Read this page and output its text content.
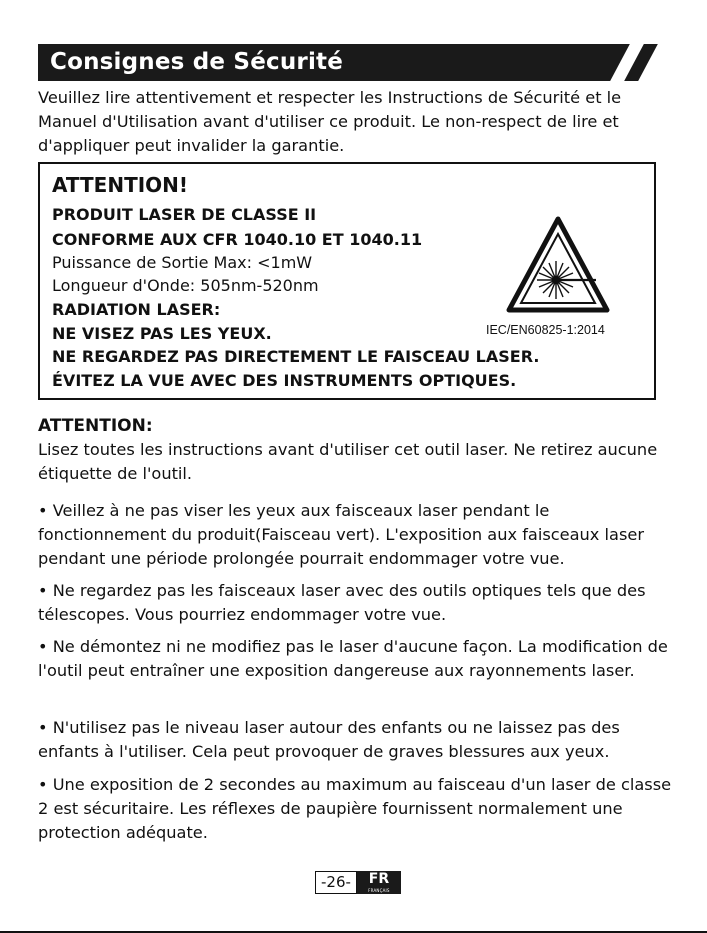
Consignes de Sécurité

Veuillez lire attentivement et respecter les Instructions de Sécurité et le Manuel d'Utilisation avant d'utiliser ce produit. Le non-respect de lire et d'appliquer peut invalider la garantie.

ATTENTION!

PRODUIT LASER DE CLASSE II

CONFORME AUX CFR 1040.10 ET 1040.11

Puissance de Sortie Max: <1mW

Longueur d'Onde: 505nm-520nm

RADIATION LASER:

NE VISEZ PAS LES YEUX.

NE REGARDEZ PAS DIRECTEMENT LE FAISCEAU LASER.

ÉVITEZ LA VUE AVEC DES INSTRUMENTS OPTIQUES.

IEC/EN60825-1:2014
ATTENTION:

Lisez toutes les instructions avant d'utiliser cet outil laser. Ne retirez aucune étiquette de l'outil.

• Veillez à ne pas viser les yeux aux faisceaux laser pendant le fonctionnement du produit(Faisceau vert). L'exposition aux faisceaux laser pendant une période prolongée pourrait endommager votre vue.

• Ne regardez pas les faisceaux laser avec des outils optiques tels que des télescopes. Vous pourriez endommager votre vue.

• Ne démontez ni ne modifiez pas le laser d'aucune façon. La modification de l'outil peut entraîner une exposition dangereuse aux rayonnements laser.

• N'utilisez pas le niveau laser autour des enfants ou ne laissez pas des enfants à l'utiliser. Cela peut provoquer de graves blessures aux yeux.

• Une exposition de 2 secondes au maximum au faisceau d'un laser de classe 2 est sécuritaire. Les réflexes de paupière fournissent normalement une protection adéquate.

-26-	FR
FRANÇAIS
